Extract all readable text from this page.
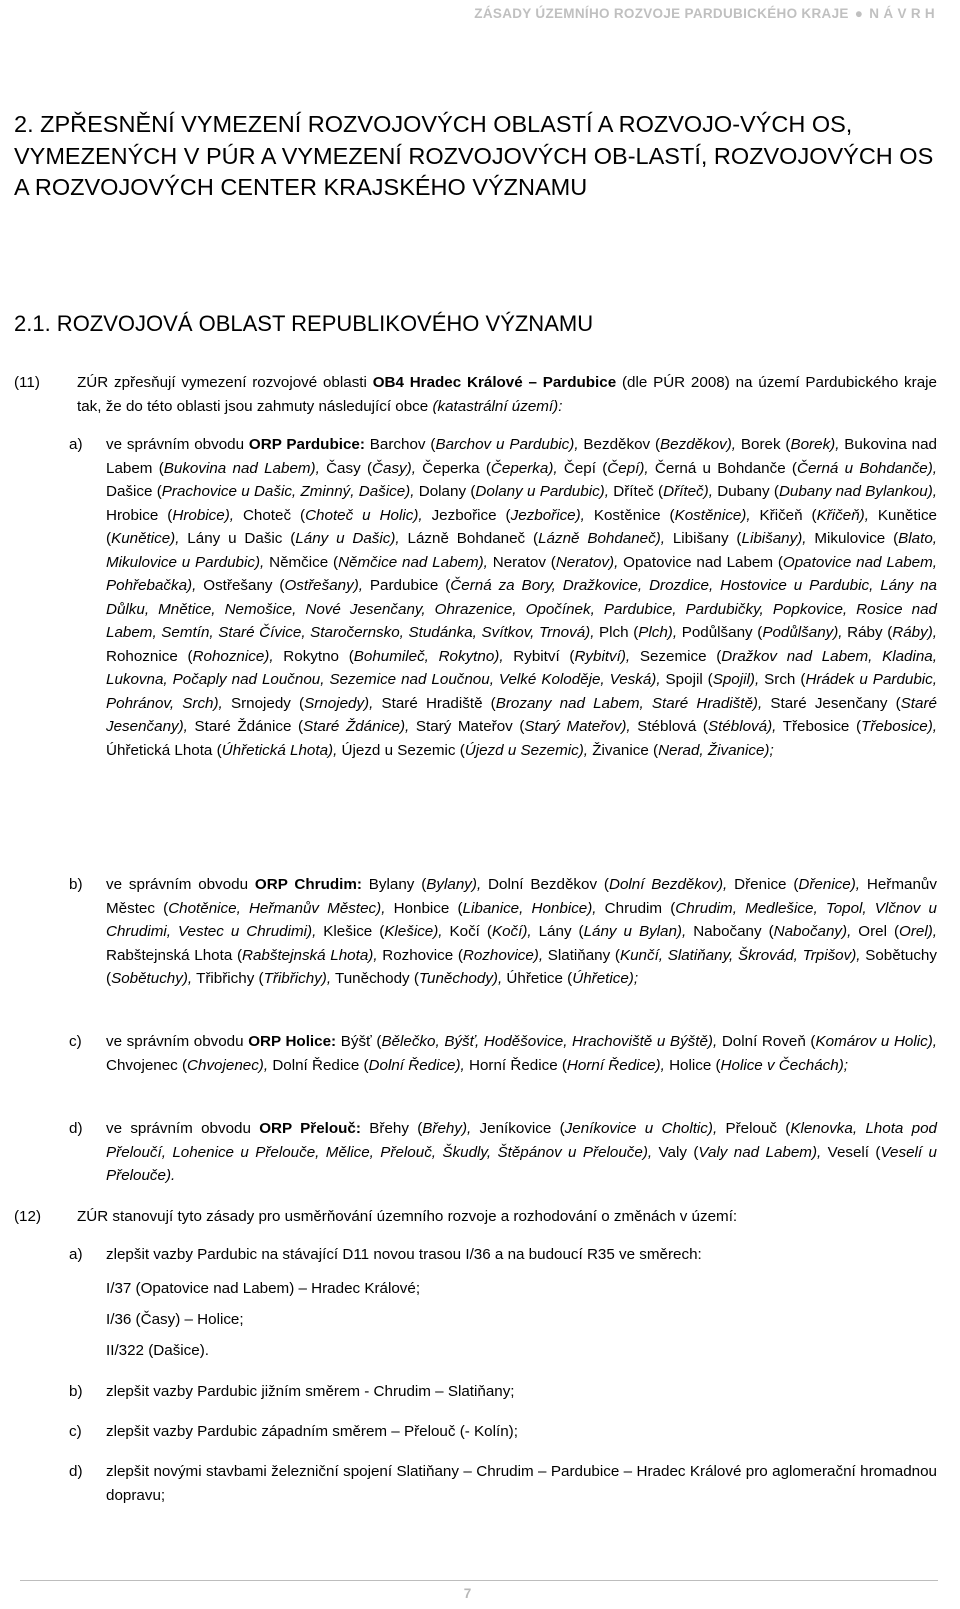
ZÁSADY ÚZEMNÍHO ROZVOJE PARDUBICKÉHO KRAJE ● N Á V R H
2. ZPŘESNĚNÍ VYMEZENÍ ROZVOJOVÝCH OBLASTÍ A ROZVOJO-VÝCH OS, VYMEZENÝCH V PÚR A VYMEZENÍ ROZVOJOVÝCH OB-LASTÍ, ROZVOJOVÝCH OS A ROZVOJOVÝCH CENTER KRAJSKÉHO VÝZNAMU
2.1. ROZVOJOVÁ OBLAST REPUBLIKOVÉHO VÝZNAMU
(11) ZÚR zpřesňují vymezení rozvojové oblasti OB4 Hradec Králové – Pardubice (dle PÚR 2008) na území Pardubického kraje tak, že do této oblasti jsou zahmuty následující obce (katastrální území):
a) ve správním obvodu ORP Pardubice: Barchov (Barchov u Pardubic), Bezděkov (Bezděkov), Borek (Borek), Bukovina nad Labem (Bukovina nad Labem), Časy (Časy), Čeperka (Čeperka), Čepí (Čepí), Černá u Bohdanče (Černá u Bohdanče), Dašice (Prachovice u Dašic, Zminný, Dašice), Dolany (Dolany u Pardubic), Dříteč (Dříteč), Dubany (Dubany nad Bylankou), Hrobice (Hrobice), Choteč (Choteč u Holic), Jezbořice (Jezbořice), Kostěnice (Kostěnice), Křičeň (Křičeň), Kunětice (Kunětice), Lány u Dašic (Lány u Dašic), Lázně Bohdaneč (Lázně Bohdaneč), Libišany (Libišany), Mikulovice (Blato, Mikulovice u Pardubic), Němčice (Němčice nad Labem), Neratov (Neratov), Opatovice nad Labem (Opatovice nad Labem, Pohřebačka), Ostřešany (Ostřešany), Pardubice (Černá za Bory, Dražkovice, Drozdice, Hostovice u Pardubic, Lány na Důlku, Mnětice, Nemošice, Nové Jesenčany, Ohrazenice, Opočínek, Pardubice, Pardubičky, Popkovice, Rosice nad Labem, Semtín, Staré Čívice, Staročernsko, Studánka, Svítkov, Trnová), Plch (Plch), Podůlšany (Podůlšany), Ráby (Ráby), Rohoznice (Rohoznice), Rokytno (Bohumileč, Rokytno), Rybitví (Rybitví), Sezemice (Dražkov nad Labem, Kladina, Lukovna, Počaply nad Loučnou, Sezemice nad Loučnou, Velké Koloděje, Veská), Spojil (Spojil), Srch (Hrádek u Pardubic, Pohránov, Srch), Srnojedy (Srnojedy), Staré Hradiště (Brozany nad Labem, Staré Hradiště), Staré Jesenčany (Staré Jesenčany), Staré Ždánice (Staré Ždánice), Starý Mateřov (Starý Mateřov), Stéblová (Stéblová), Třebosice (Třebosice), Úhřetická Lhota (Úhřetická Lhota), Újezd u Sezemic (Újezd u Sezemic), Živanice (Nerad, Živanice);
b) ve správním obvodu ORP Chrudim: Bylany (Bylany), Dolní Bezděkov (Dolní Bezděkov), Dřenice (Dřenice), Heřmanův Městec (Chotěnice, Heřmanův Městec), Honbice (Libanice, Honbice), Chrudim (Chrudim, Medlešice, Topol, Vlčnov u Chrudimi, Vestec u Chrudimi), Klešice (Klešice), Kočí (Kočí), Lány (Lány u Bylan), Nabočany (Nabočany), Orel (Orel), Rabštejnská Lhota (Rabštejnská Lhota), Rozhovice (Rozhovice), Slatiňany (Kunčí, Slatiňany, Škrovád, Trpišov), Sobětuchy (Sobětuchy), Třibřichy (Třibřichy), Tuněchody (Tuněchody), Úhřetice (Úhřetice);
c) ve správním obvodu ORP Holice: Býšť (Bělečko, Býšť, Hoděšovice, Hrachoviště u Býště), Dolní Roveň (Komárov u Holic), Chvojenec (Chvojenec), Dolní Ředice (Dolní Ředice), Horní Ředice (Horní Ředice), Holice (Holice v Čechách);
d) ve správním obvodu ORP Přelouč: Břehy (Břehy), Jeníkovice (Jeníkovice u Choltic), Přelouč (Klenovka, Lhota pod Přeloučí, Lohenice u Přelouče, Mělice, Přelouč, Škudly, Štěpánov u Přelouče), Valy (Valy nad Labem), Veselí (Veselí u Přelouče).
(12) ZÚR stanovují tyto zásady pro usměrňování územního rozvoje a rozhodování o změnách v území:
a) zlepšit vazby Pardubic na stávající D11 novou trasou I/36 a na budoucí R35 ve směrech:
I/37 (Opatovice nad Labem) – Hradec Králové;
I/36 (Časy) – Holice;
II/322 (Dašice).
b) zlepšit vazby Pardubic jižním směrem - Chrudim – Slatiňany;
c) zlepšit vazby Pardubic západním směrem – Přelouč (- Kolín);
d) zlepšit novými stavbami železniční spojení Slatiňany – Chrudim – Pardubice – Hradec Králové pro aglomerační hromadnou dopravu;
7
